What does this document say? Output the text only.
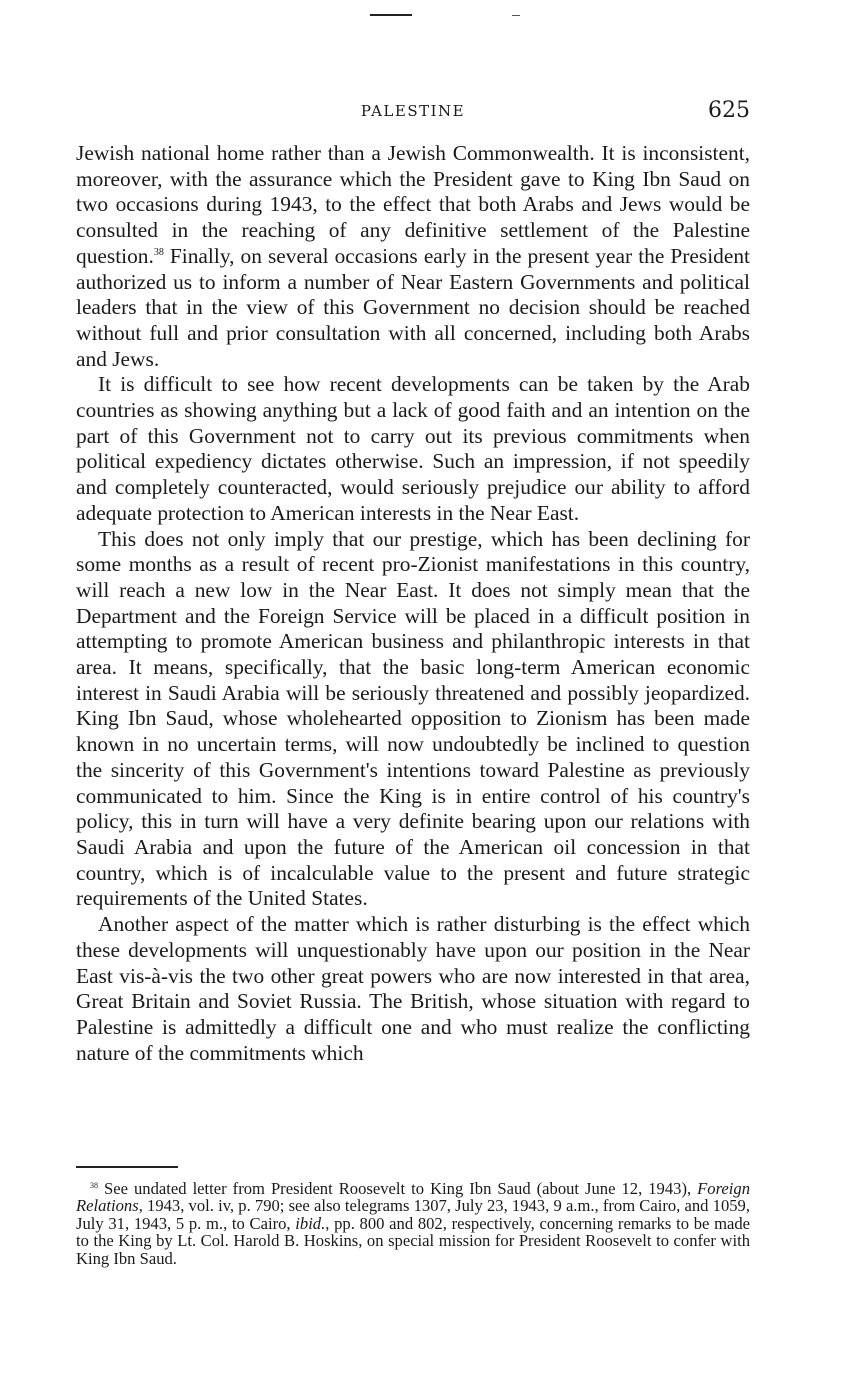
PALESTINE	625

Jewish national home rather than a Jewish Commonwealth. It is inconsistent, moreover, with the assurance which the President gave to King Ibn Saud on two occasions during 1943, to the effect that both Arabs and Jews would be consulted in the reaching of any definitive settlement of the Palestine question.$^{38}$ Finally, on several occasions early in the present year the President authorized us to inform a number of Near Eastern Governments and political leaders that in the view of this Government no decision should be reached without full and prior consultation with all concerned, including both Arabs and Jews.

It is difficult to see how recent developments can be taken by the Arab countries as showing anything but a lack of good faith and an intention on the part of this Government not to carry out its previous commitments when political expediency dictates otherwise. Such an impression, if not speedily and completely counteracted, would seriously prejudice our ability to afford adequate protection to American interests in the Near East.

This does not only imply that our prestige, which has been declining for some months as a result of recent pro-Zionist manifestations in this country, will reach a new low in the Near East. It does not simply mean that the Department and the Foreign Service will be placed in a difficult position in attempting to promote American business and philanthropic interests in that area. It means, specifically, that the basic long-term American economic interest in Saudi Arabia will be seriously threatened and possibly jeopardized. King Ibn Saud, whose wholehearted opposition to Zionism has been made known in no uncertain terms, will now undoubtedly be inclined to question the sincerity of this Government's intentions toward Palestine as previously communicated to him. Since the King is in entire control of his country's policy, this in turn will have a very definite bearing upon our relations with Saudi Arabia and upon the future of the American oil concession in that country, which is of incalculable value to the present and future strategic requirements of the United States.

Another aspect of the matter which is rather disturbing is the effect which these developments will unquestionably have upon our position in the Near East vis-à-vis the two other great powers who are now interested in that area, Great Britain and Soviet Russia. The British, whose situation with regard to Palestine is admittedly a difficult one and who must realize the conflicting nature of the commitments which

$^{38}$ See undated letter from President Roosevelt to King Ibn Saud (about June 12, 1943), Foreign Relations, 1943, vol. iv, p. 790; see also telegrams 1307, July 23, 1943, 9 a.m., from Cairo, and 1059, July 31, 1943, 5 p. m., to Cairo, ibid., pp. 800 and 802, respectively, concerning remarks to be made to the King by Lt. Col. Harold B. Hoskins, on special mission for President Roosevelt to confer with King Ibn Saud.
